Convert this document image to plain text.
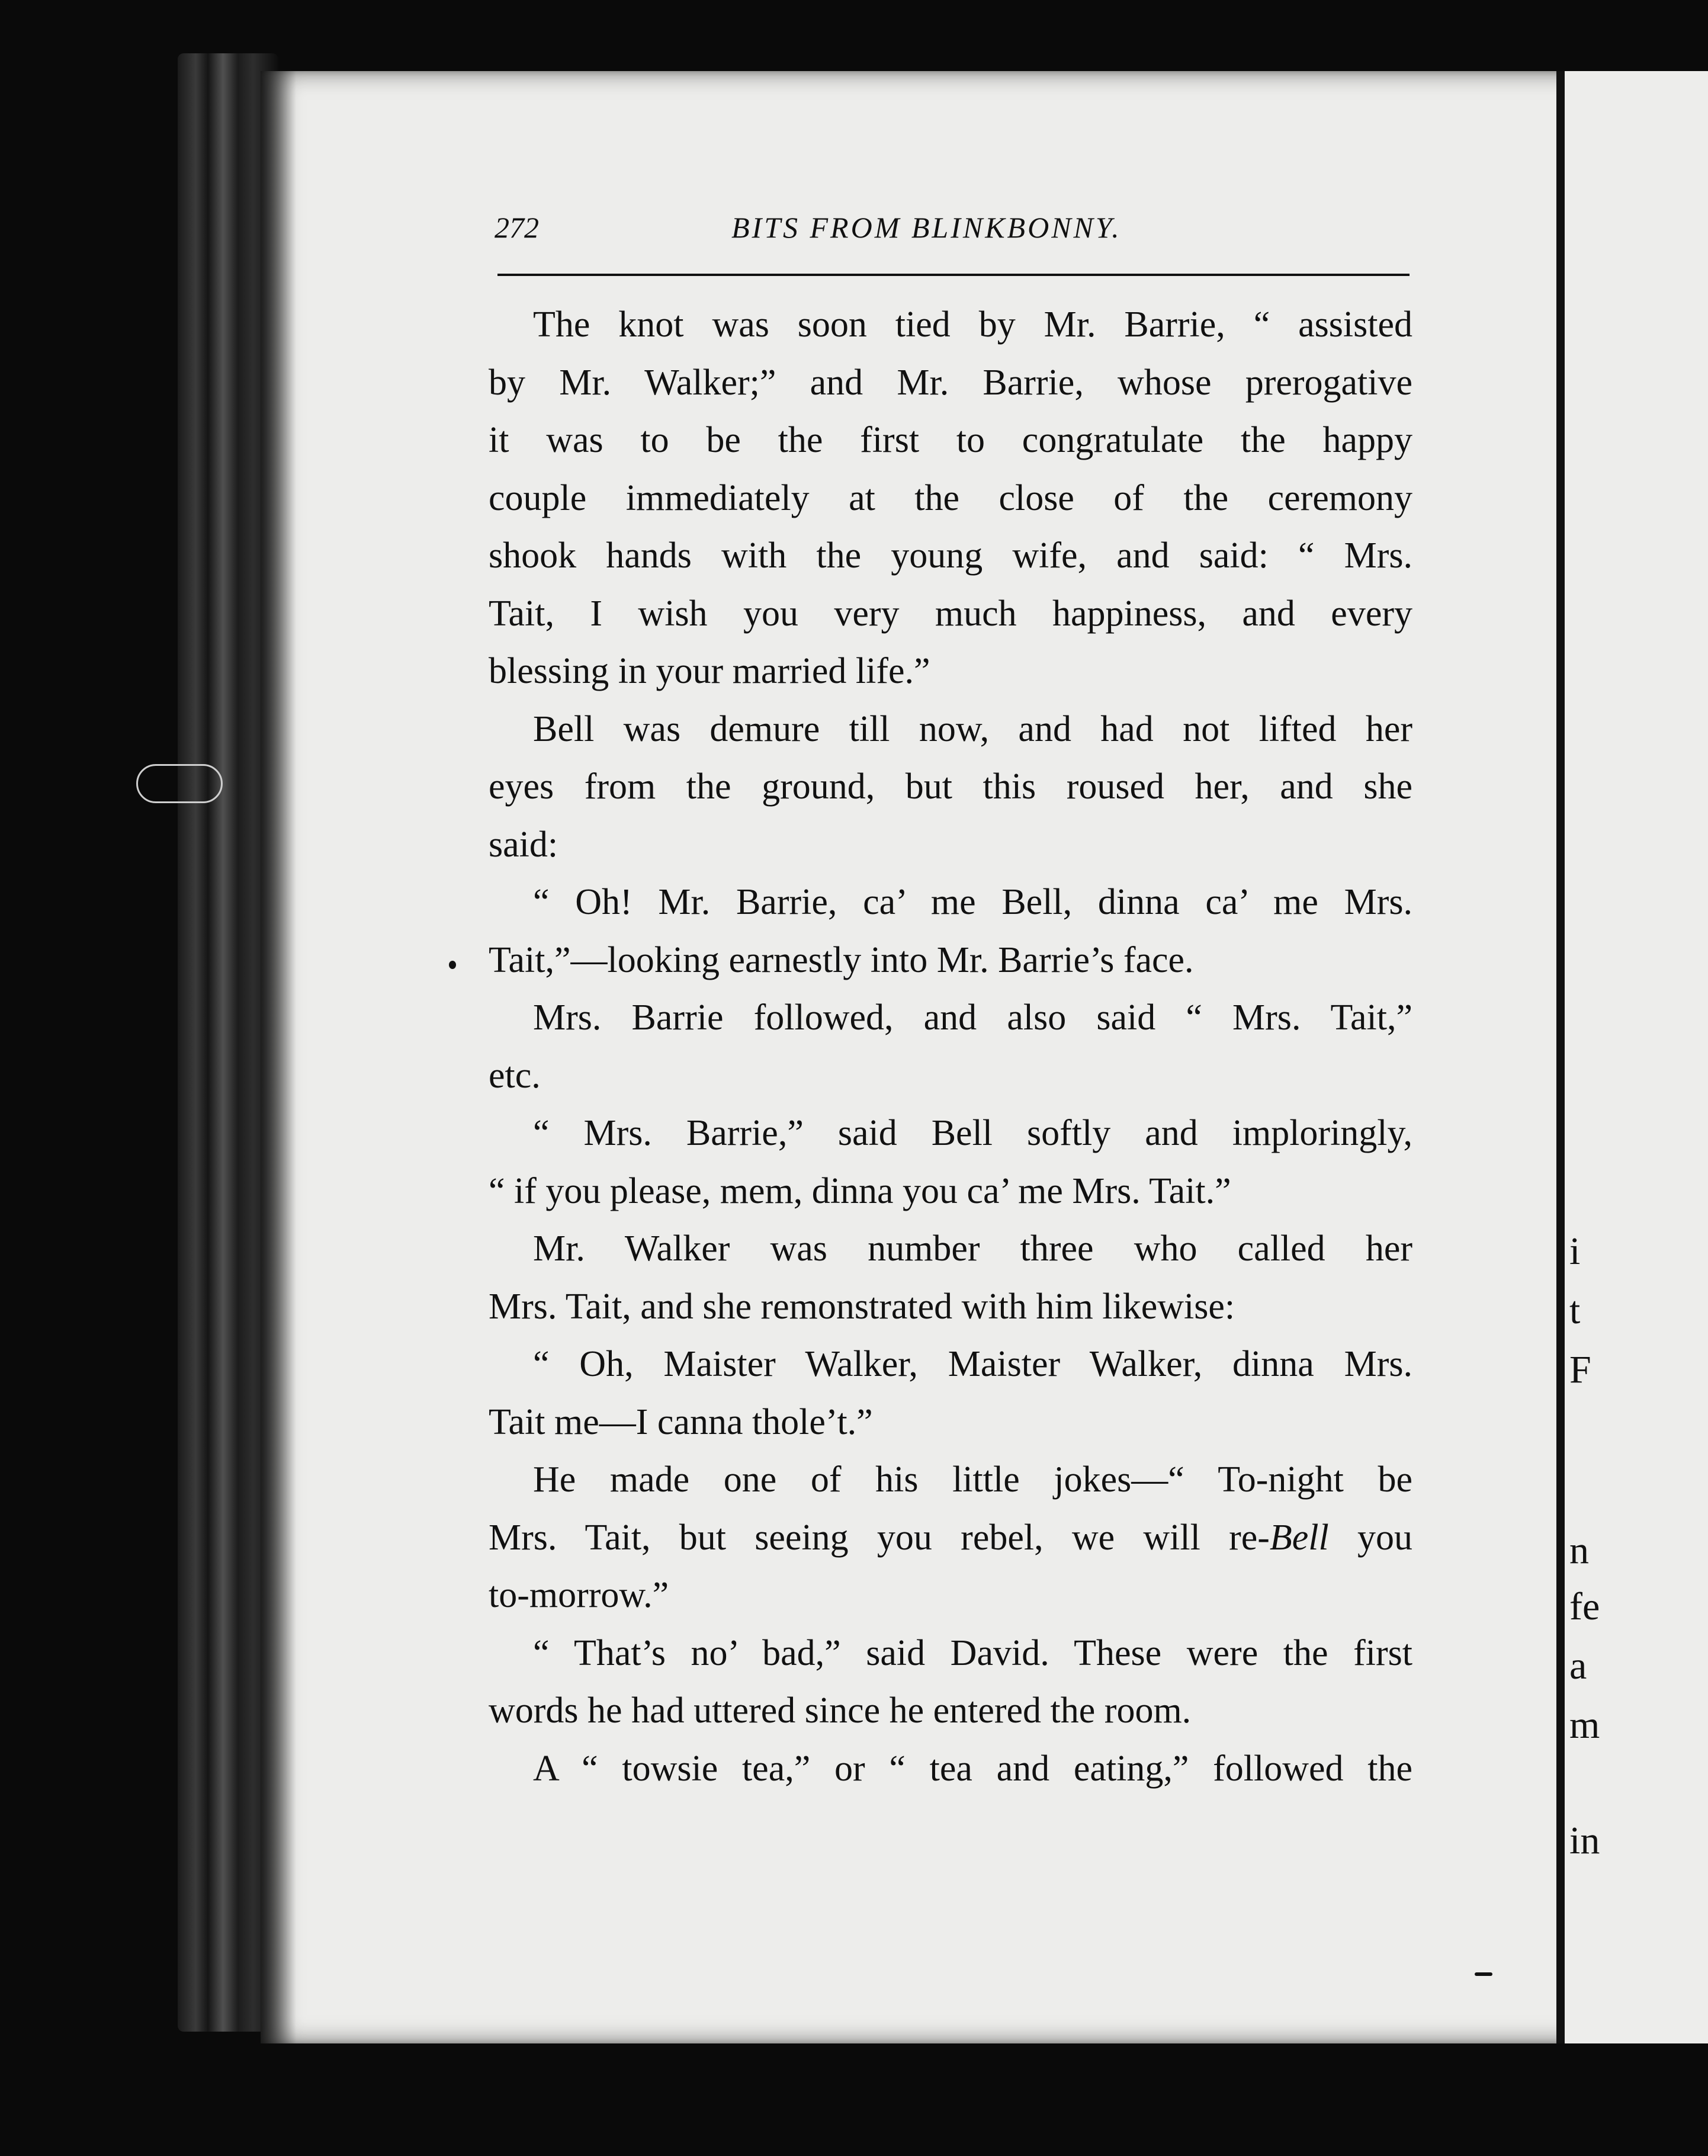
i
t
F
n
fe
a
m
in
272	BITS FROM BLINKBONNY.
The knot was soon tied by Mr. Barrie, “ assisted
by Mr. Walker;” and Mr. Barrie, whose prerogative
it was to be the first to congratulate the happy
couple immediately at the close of the ceremony
shook hands with the young wife, and said: “ Mrs.
Tait, I wish you very much happiness, and every
blessing in your married life.”
Bell was demure till now, and had not lifted her
eyes from the ground, but this roused her, and she
said:
“ Oh! Mr. Barrie, ca’ me Bell, dinna ca’ me Mrs.
Tait,”—looking earnestly into Mr. Barrie’s face.
Mrs. Barrie followed, and also said “ Mrs. Tait,”
etc.
“ Mrs. Barrie,” said Bell softly and imploringly,
“ if you please, mem, dinna you ca’ me Mrs. Tait.”
Mr. Walker was number three who called her
Mrs. Tait, and she remonstrated with him likewise:
“ Oh, Maister Walker, Maister Walker, dinna Mrs.
Tait me—I canna thole’t.”
He made one of his little jokes—“ To-night be
Mrs. Tait, but seeing you rebel, we will re-Bell you
to-morrow.”
“ That’s no’ bad,” said David. These were the first
words he had uttered since he entered the room.
A “ towsie tea,” or “ tea and eating,” followed the
